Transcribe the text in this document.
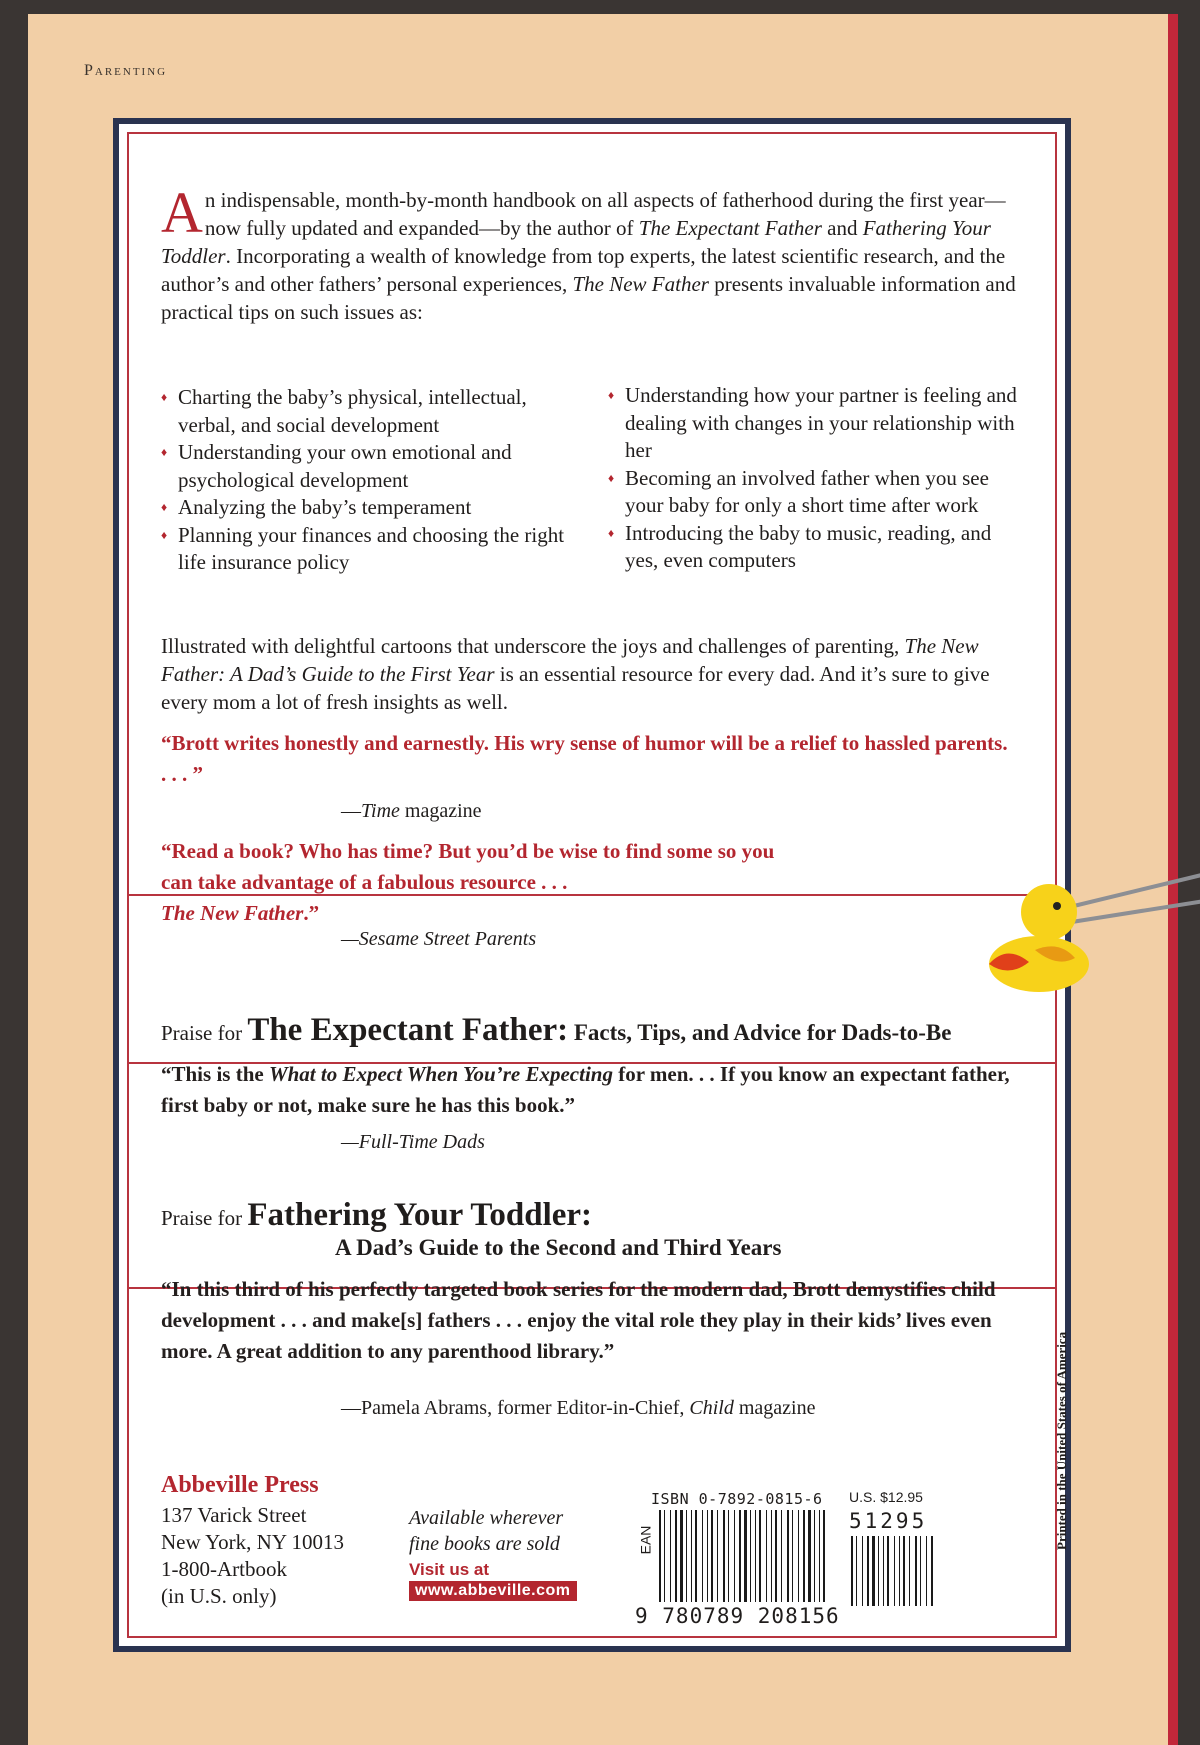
Parenting
An indispensable, month-by-month handbook on all aspects of fatherhood during the first year—now fully updated and expanded—by the author of The Expectant Father and Fathering Your Toddler. Incorporating a wealth of knowledge from top experts, the latest scientific research, and the author’s and other fathers’ personal experiences, The New Father presents invaluable information and practical tips on such issues as:
♦ Charting the baby’s physical, intellectual, verbal, and social development
♦ Understanding your own emotional and psychological development
♦ Analyzing the baby’s temperament
♦ Planning your finances and choosing the right life insurance policy
♦ Understanding how your partner is feeling and dealing with changes in your relationship with her
♦ Becoming an involved father when you see your baby for only a short time after work
♦ Introducing the baby to music, reading, and yes, even computers
Illustrated with delightful cartoons that underscore the joys and challenges of parenting, The New Father: A Dad’s Guide to the First Year is an essential resource for every dad. And it’s sure to give every mom a lot of fresh insights as well.
“Brott writes honestly and earnestly. His wry sense of humor will be a relief to hassled parents. . . . ”
—Time magazine
“Read a book? Who has time? But you’d be wise to find some so you can take advantage of a fabulous resource . . .
The New Father.”
—Sesame Street Parents
Praise for The Expectant Father: Facts, Tips, and Advice for Dads-to-Be
“This is the What to Expect When You’re Expecting for men. . . If you know an expectant father, first baby or not, make sure he has this book.”
—Full-Time Dads
Praise for Fathering Your Toddler:
A Dad’s Guide to the Second and Third Years
“In this third of his perfectly targeted book series for the modern dad, Brott demystifies child development . . . and make[s] fathers . . . enjoy the vital role they play in their kids’ lives even more. A great addition to any parenthood library.”
—Pamela Abrams, former Editor-in-Chief, Child magazine
Abbeville Press
137 Varick Street
New York, NY 10013
1-800-Artbook
(in U.S. only)
Available wherever
fine books are sold
Visit us at
www.abbeville.com
ISBN 0-7892-0815-6 U.S. $12.95
EAN
9 780789 208156
51295	Printed in the United States of America
